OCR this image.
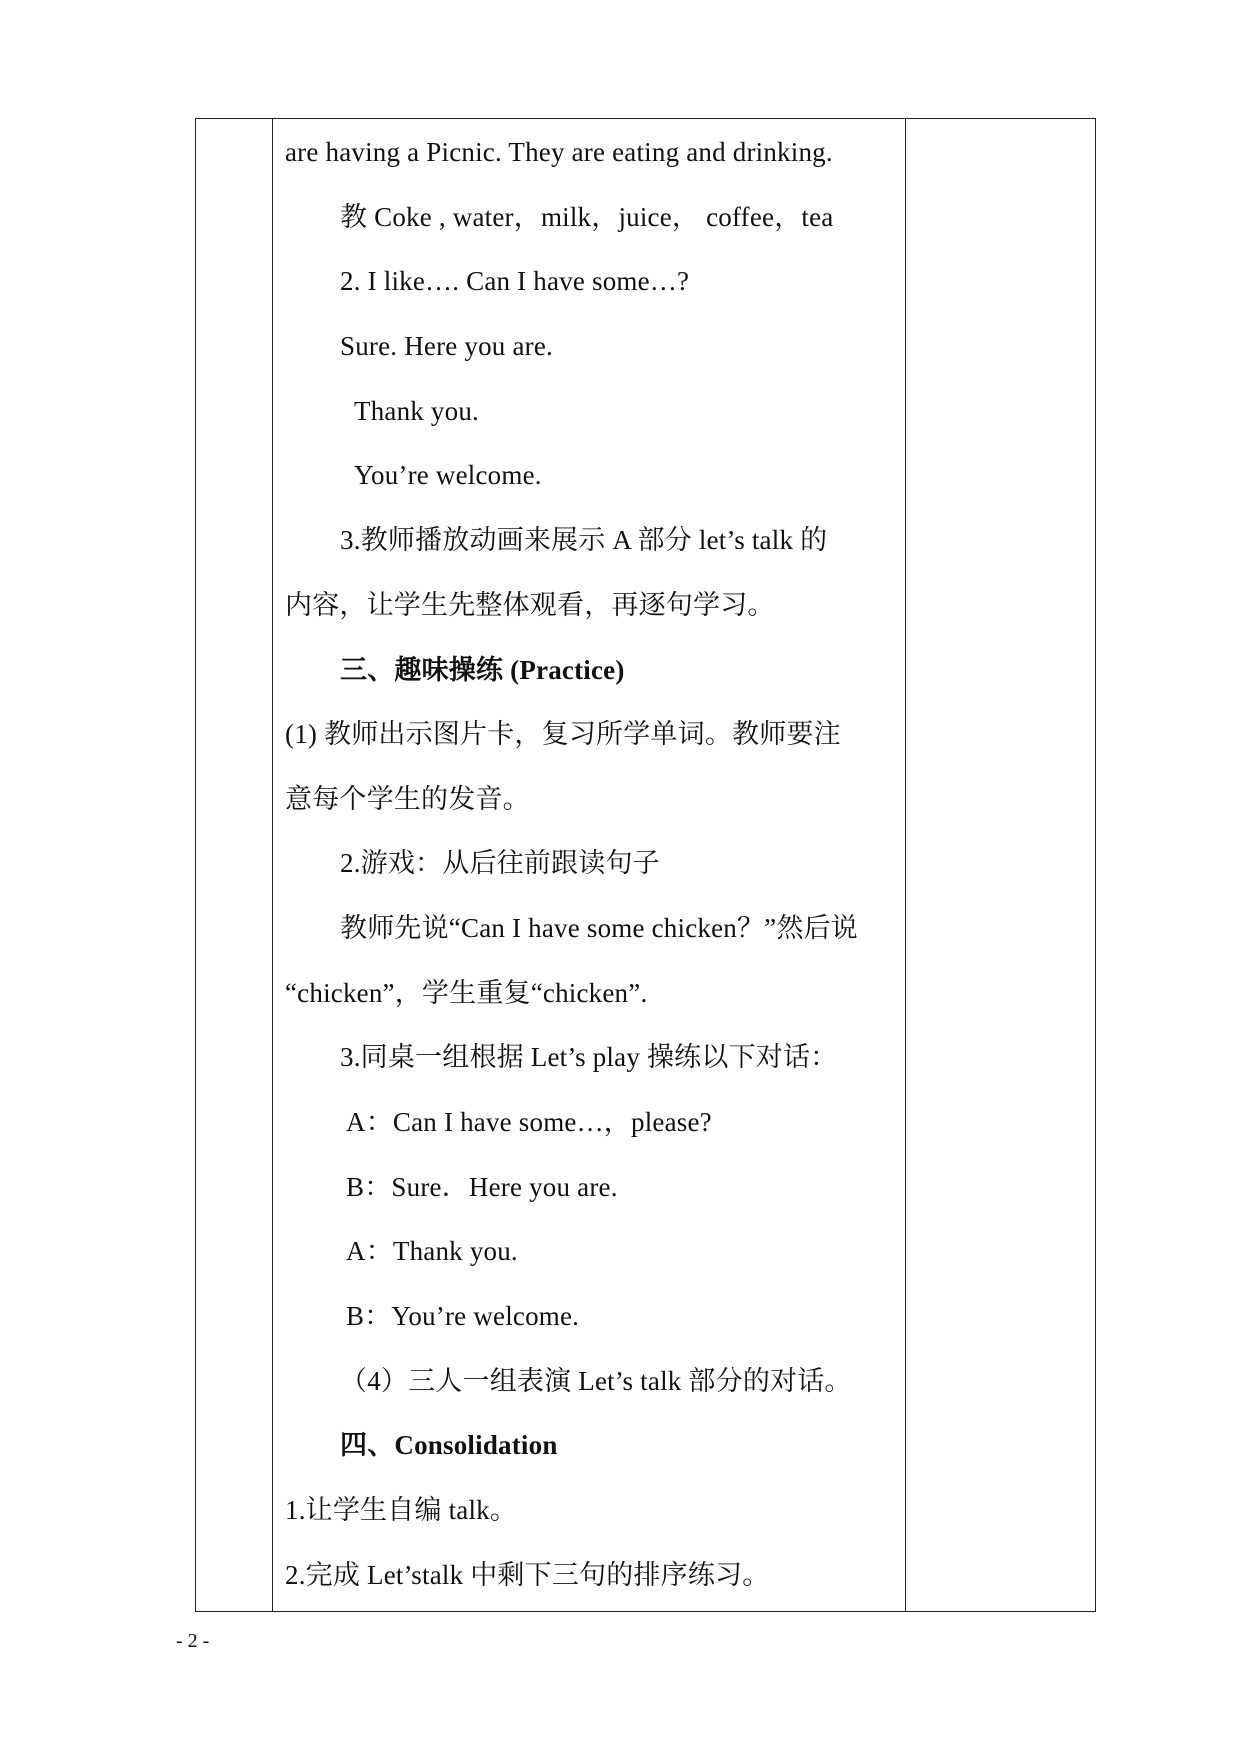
are having a Picnic. They are eating and drinking.
教 Coke , water，milk，juice， coffee，tea
2. I like…. Can I have some…?
Sure. Here you are.
Thank you.
You’re welcome.
3.教师播放动画来展示 A 部分 let’s talk 的
内容，让学生先整体观看，再逐句学习。
三、趣味操练 (Practice)
(1) 教师出示图片卡，复习所学单词。教师要注
意每个学生的发音。
2.游戏：从后往前跟读句子
教师先说“Can I have some chicken？”然后说
“chicken”，学生重复“chicken”.
3.同桌一组根据 Let’s play 操练以下对话：
A：Can I have some…，please?
B：Sure．Here you are.
A：Thank you.
B：You’re welcome.
（4）三人一组表演 Let’s talk 部分的对话。
四、Consolidation
1.让学生自编 talk。
2.完成 Let’stalk 中剩下三句的排序练习。
- 2 -
